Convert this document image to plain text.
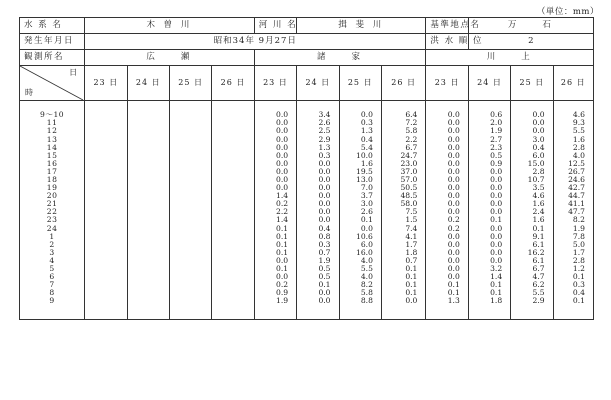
（単位：mm）
水 系 名	木 曽 川				河 川 名	揖 斐 川			基準地点名	万　　石		
発生年月日	昭和34年 9月27日								洪 水 順 位	2		
観測所名	広　　瀬				諸　　家				川　　上			

日
時	23 日	24 日	25 日	26 日	23 日	24 日	25 日	26 日	23 日	24 日	25 日	26 日

9～10					0.0	3.4	0.0	6.4	0.0	0.6	0.0	4.6
11					0.0	2.6	0.3	7.2	0.0	2.0	0.0	9.3
12					0.0	2.5	1.3	5.8	0.0	1.9	0.0	5.5
13					0.0	2.9	0.4	2.2	0.0	2.7	3.0	1.6
14					0.0	1.3	5.4	6.7	0.0	2.3	0.4	2.8
15					0.0	0.3	10.0	24.7	0.0	0.5	6.0	4.0
16					0.0	0.0	1.6	23.0	0.0	0.9	15.0	12.5
17					0.0	0.0	19.5	37.0	0.0	0.0	2.8	26.7
18					0.0	0.0	13.0	57.0	0.0	0.0	10.7	24.6
19					0.0	0.0	7.0	50.5	0.0	0.0	3.5	42.7
20					1.4	0.0	3.7	48.5	0.0	0.0	4.6	44.7
21					0.2	0.0	3.0	58.0	0.0	0.0	1.6	41.1
22					2.2	0.0	2.6	7.5	0.0	0.0	2.4	47.7
23					1.4	0.0	0.1	1.5	0.2	0.1	1.6	8.2
24					0.1	0.4	0.0	7.4	0.2	0.0	0.1	1.9
1					0.1	0.8	10.6	4.1	0.0	0.0	9.1	7.8
2					0.1	0.3	6.0	1.7	0.0	0.0	6.1	5.0
3					0.1	0.7	16.0	1.8	0.0	0.0	16.2	1.7
4					0.0	1.9	4.0	0.7	0.0	0.0	6.1	2.8
5					0.1	0.5	5.5	0.1	0.0	3.2	6.7	1.2
6					0.0	0.5	4.0	0.1	0.0	1.4	4.7	0.1
7					0.2	0.1	8.2	0.1	0.1	0.1	6.2	0.3
8					0.9	0.0	5.8	0.1	0.1	0.1	5.5	0.4
9					1.9	0.0	8.8	0.0	1.3	1.8	2.9	0.1
